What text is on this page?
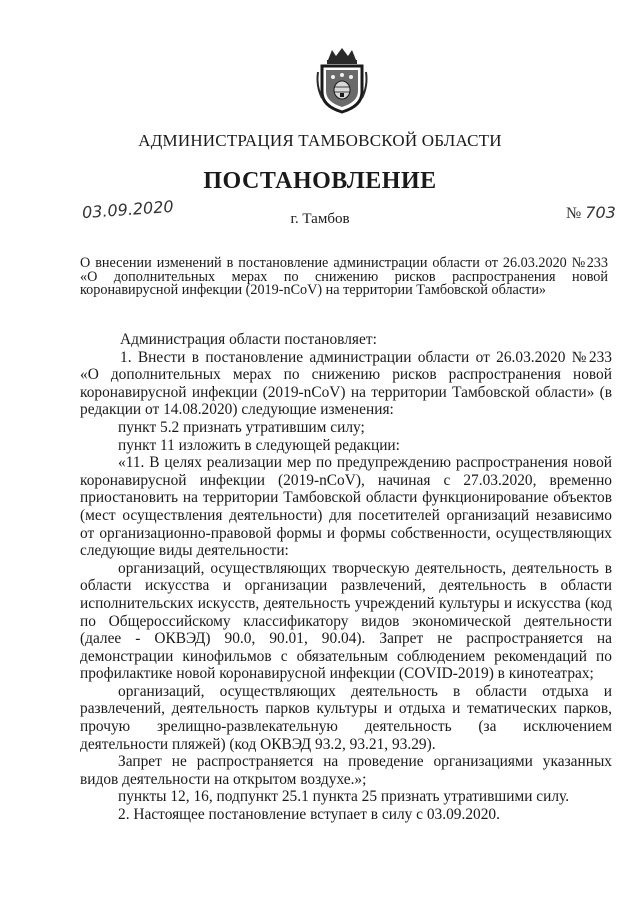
АДМИНИСТРАЦИЯ ТАМБОВСКОЙ ОБЛАСТИ
ПОСТАНОВЛЕНИЕ
03.09.2020	г. Тамбов	№ 703
О внесении изменений в постановление администрации области от 26.03.2020 №233 «О дополнительных мерах по снижению рисков распространения новой коронавирусной инфекции (2019-nCoV) на территории Тамбовской области»

Администрация области постановляет:

1. Внести в постановление администрации области от 26.03.2020 №233 «О дополнительных мерах по снижению рисков распространения новой коронавирусной инфекции (2019-nCoV) на территории Тамбовской области» (в редакции от 14.08.2020) следующие изменения:

пункт 5.2 признать утратившим силу;

пункт 11 изложить в следующей редакции:

«11. В целях реализации мер по предупреждению распространения новой коронавирусной инфекции (2019-nCoV), начиная с 27.03.2020, временно приостановить на территории Тамбовской области функционирование объектов (мест осуществления деятельности) для посетителей организаций независимо от организационно-правовой формы и формы собственности, осуществляющих следующие виды деятельности:

организаций, осуществляющих творческую деятельность, деятельность в области искусства и организации развлечений, деятельность в области исполнительских искусств, деятельность учреждений культуры и искусства (код по Общероссийскому классификатору видов экономической деятельности (далее - ОКВЭД) 90.0, 90.01, 90.04). Запрет не распространяется на демонстрации кинофильмов с обязательным соблюдением рекомендаций по профилактике новой коронавирусной инфекции (COVID-2019) в кинотеатрах;

организаций, осуществляющих деятельность в области отдыха и развлечений, деятельность парков культуры и отдыха и тематических парков, прочую зрелищно-развлекательную деятельность (за исключением деятельности пляжей) (код ОКВЭД 93.2, 93.21, 93.29).

Запрет не распространяется на проведение организациями указанных видов деятельности на открытом воздухе.»;

пункты 12, 16, подпункт 25.1 пункта 25 признать утратившими силу.

2. Настоящее постановление вступает в силу с 03.09.2020.
